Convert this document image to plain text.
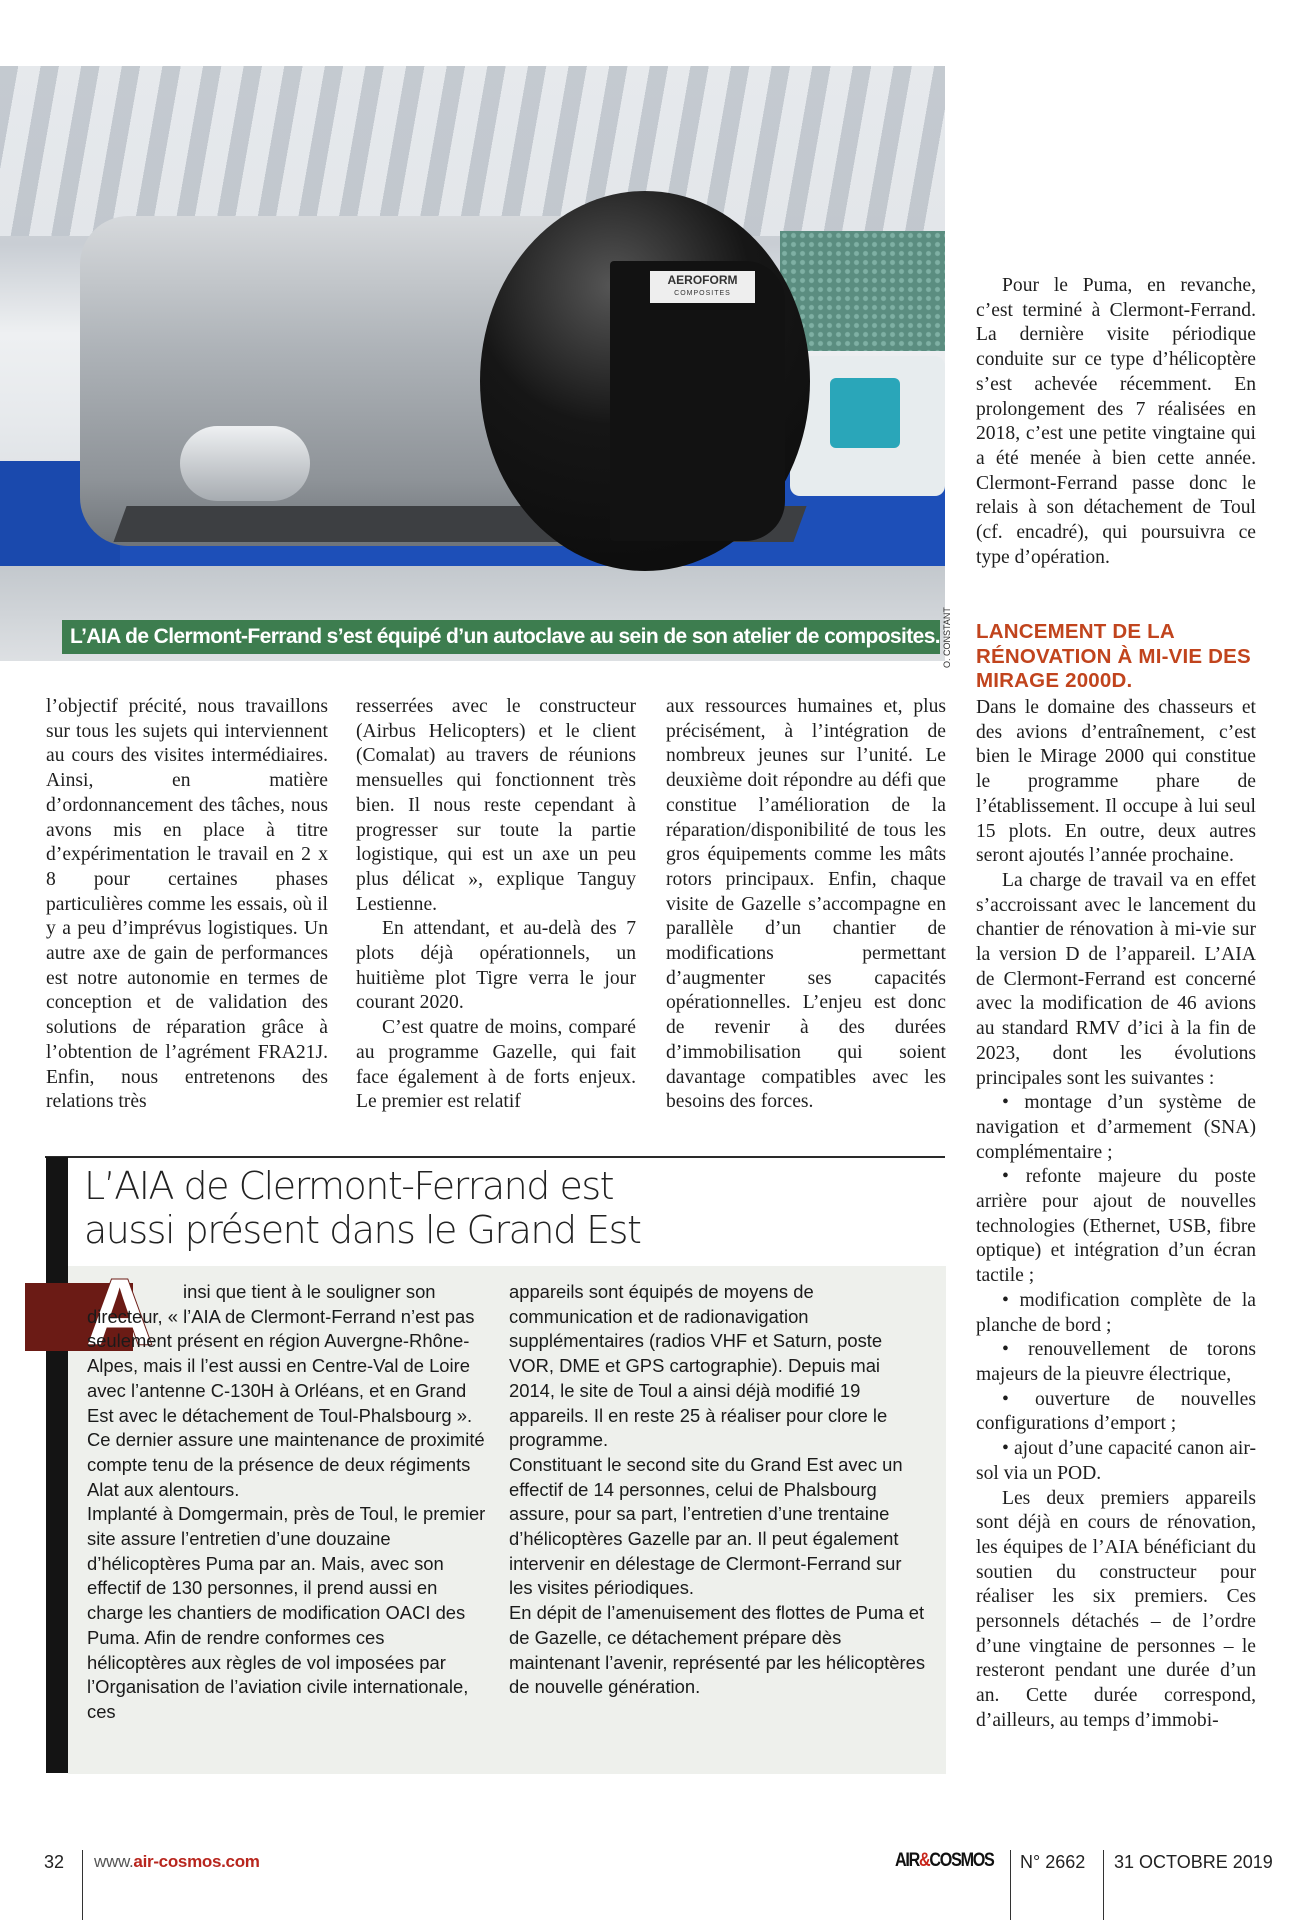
AEROFORM
COMPOSITES
L’AIA de Clermont-Ferrand s’est équipé d’un autoclave au sein de son atelier de composites. O. CONSTANT

l’objectif précité, nous travaillons sur tous les sujets qui interviennent au cours des visites intermédiaires. Ainsi, en matière d’ordonnancement des tâches, nous avons mis en place à titre d’expérimentation le travail en 2 x 8 pour certaines phases particulières comme les essais, où il y a peu d’imprévus logistiques. Un autre axe de gain de performances est notre autonomie en termes de conception et de validation des solutions de réparation grâce à l’obtention de l’agrément FRA21J. Enfin, nous entretenons des relations très

resserrées avec le constructeur (Airbus Helicopters) et le client (Comalat) au travers de réunions mensuelles qui fonctionnent très bien. Il nous reste cependant à progresser sur toute la partie logistique, qui est un axe un peu plus délicat », explique Tanguy Lestienne.

En attendant, et au-delà des 7 plots déjà opérationnels, un huitième plot Tigre verra le jour courant 2020.

C’est quatre de moins, comparé au programme Gazelle, qui fait face également à de forts enjeux. Le premier est relatif

aux ressources humaines et, plus précisément, à l’intégration de nombreux jeunes sur l’unité. Le deuxième doit répondre au défi que constitue l’amélioration de la réparation/disponibilité de tous les gros équipements comme les mâts rotors principaux. Enfin, chaque visite de Gazelle s’accompagne en parallèle d’un chantier de modifications permettant d’augmenter ses capacités opérationnelles. L’enjeu est donc de revenir à des durées d’immobilisation qui soient davantage compatibles avec les besoins des forces.

Pour le Puma, en revanche, c’est terminé à Clermont-Ferrand. La dernière visite périodique conduite sur ce type d’hélicoptère s’est achevée récemment. En prolongement des 7 réalisées en 2018, c’est une petite vingtaine qui a été menée à bien cette année. Clermont-Ferrand passe donc le relais à son détachement de Toul (cf. encadré), qui poursuivra ce type d’opération.

LANCEMENT DE LA RÉNOVATION À MI-VIE DES MIRAGE 2000D.

Dans le domaine des chasseurs et des avions d’entraînement, c’est bien le Mirage 2000 qui constitue le programme phare de l’établissement. Il occupe à lui seul 15 plots. En outre, deux autres seront ajoutés l’année prochaine.

La charge de travail va en effet s’accroissant avec le lancement du chantier de rénovation à mi-vie sur la version D de l’appareil. L’AIA de Clermont-Ferrand est concerné avec la modification de 46 avions au standard RMV d’ici à la fin de 2023, dont les évolutions principales sont les suivantes :

• montage d’un système de navigation et d’armement (SNA) complémentaire ;

• refonte majeure du poste arrière pour ajout de nouvelles technologies (Ethernet, USB, fibre optique) et intégration d’un écran tactile ;

• modification complète de la planche de bord ;

• renouvellement de torons majeurs de la pieuvre électrique,

• ouverture de nouvelles configurations d’emport ;

• ajout d’une capacité canon air-sol via un POD.

Les deux premiers appareils sont déjà en cours de rénovation, les équipes de l’AIA bénéficiant du soutien du constructeur pour réaliser les six premiers. Ces personnels détachés – de l’ordre d’une vingtaine de personnes – le resteront pendant une durée d’un an. Cette durée correspond, d’ailleurs, au temps d’immobi-

L’AIA de Clermont-Ferrand est
aussi présent dans le Grand Est
A	insi que tient à le souligner son directeur, « l’AIA de Clermont-Ferrand n’est pas seulement présent en région Auvergne-Rhône-Alpes, mais il l’est aussi en Centre-Val de Loire avec l’antenne C-130H à Orléans, et en Grand Est avec le détachement de Toul-Phalsbourg ». Ce dernier assure une maintenance de proximité compte tenu de la présence de deux régiments Alat aux alentours.

Implanté à Domgermain, près de Toul, le premier site assure l’entretien d’une douzaine d’hélicoptères Puma par an. Mais, avec son effectif de 130 personnes, il prend aussi en charge les chantiers de modification OACI des Puma. Afin de rendre conformes ces hélicoptères aux règles de vol imposées par l’Organisation de l’aviation civile internationale, ces

appareils sont équipés de moyens de communication et de radionavigation supplémentaires (radios VHF et Saturn, poste VOR, DME et GPS cartographie). Depuis mai 2014, le site de Toul a ainsi déjà modifié 19 appareils. Il en reste 25 à réaliser pour clore le programme.

Constituant le second site du Grand Est avec un effectif de 14 personnes, celui de Phalsbourg assure, pour sa part, l’entretien d’une trentaine d’hélicoptères Gazelle par an. Il peut également intervenir en délestage de Clermont-Ferrand sur les visites périodiques.

En dépit de l’amenuisement des flottes de Puma et de Gazelle, ce détachement prépare dès maintenant l’avenir, représenté par les hélicoptères de nouvelle génération.

32 www.air-cosmos.com	AIR&COSMOS N° 2662 31 OCTOBRE 2019
